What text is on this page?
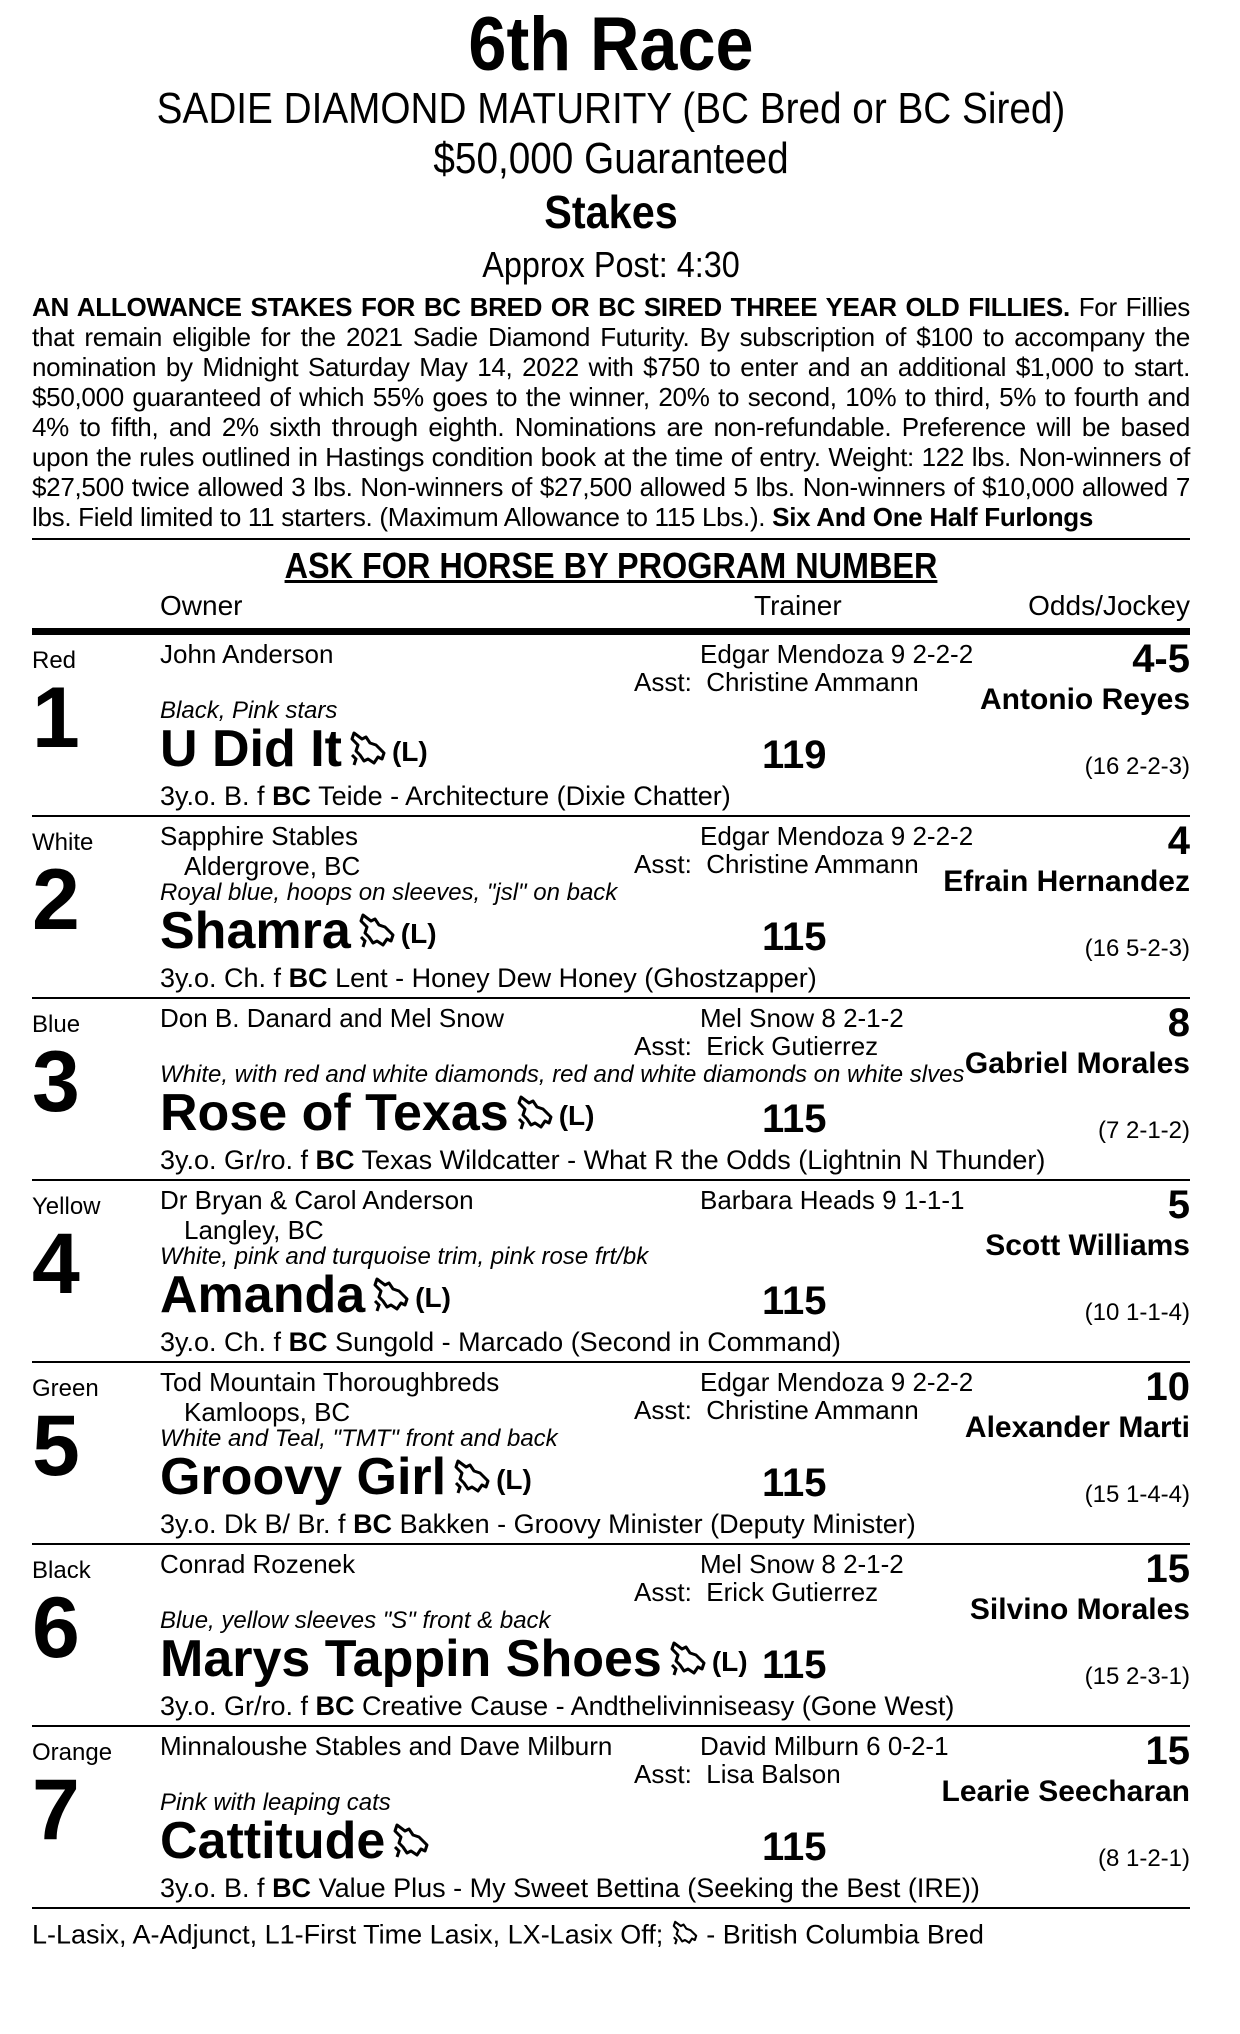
6th Race
SADIE DIAMOND MATURITY (BC Bred or BC Sired)
$50,000 Guaranteed
Stakes
Approx Post: 4:30
AN ALLOWANCE STAKES FOR BC BRED OR BC SIRED THREE YEAR OLD FILLIES. For Fillies that remain eligible for the 2021 Sadie Diamond Futurity. By subscription of $100 to accompany the nomination by Midnight Saturday May 14, 2022 with $750 to enter and an additional $1,000 to start. $50,000 guaranteed of which 55% goes to the winner, 20% to second, 10% to third, 5% to fourth and 4% to fifth, and 2% sixth through eighth. Nominations are non-refundable. Preference will be based upon the rules outlined in Hastings condition book at the time of entry. Weight: 122 lbs. Non-winners of $27,500 twice allowed 3 lbs. Non-winners of $27,500 allowed 5 lbs. Non-winners of $10,000 allowed 7 lbs. Field limited to 11 starters. (Maximum Allowance to 115 Lbs.). Six And One Half Furlongs
ASK FOR HORSE BY PROGRAM NUMBER
Owner	Trainer	Odds/Jockey
Red
1
John Anderson
Black, Pink stars
U Did It (L)
3y.o. B. f BC Teide - Architecture (Dixie Chatter)
Edgar Mendoza 9 2-2-2
Asst: Christine Ammann
119
4-5
Antonio Reyes
(16 2-2-3)
White
2
Sapphire Stables
Aldergrove, BC
Royal blue, hoops on sleeves, "jsl" on back
Shamra (L)
3y.o. Ch. f BC Lent - Honey Dew Honey (Ghostzapper)
Edgar Mendoza 9 2-2-2
Asst: Christine Ammann
115
4
Efrain Hernandez
(16 5-2-3)
Blue
3
Don B. Danard and Mel Snow
White, with red and white diamonds, red and white diamonds on white slves
Rose of Texas (L)
3y.o. Gr/ro. f BC Texas Wildcatter - What R the Odds (Lightnin N Thunder)
Mel Snow 8 2-1-2
Asst: Erick Gutierrez
115
8
Gabriel Morales
(7 2-1-2)
Yellow
4
Dr Bryan & Carol Anderson
Langley, BC
White, pink and turquoise trim, pink rose frt/bk
Amanda (L)
3y.o. Ch. f BC Sungold - Marcado (Second in Command)
Barbara Heads 9 1-1-1

115
5
Scott Williams
(10 1-1-4)
Green
5
Tod Mountain Thoroughbreds
Kamloops, BC
White and Teal, "TMT" front and back
Groovy Girl (L)
3y.o. Dk B/ Br. f BC Bakken - Groovy Minister (Deputy Minister)
Edgar Mendoza 9 2-2-2
Asst: Christine Ammann
115
10
Alexander Marti
(15 1-4-4)
Black
6
Conrad Rozenek
Blue, yellow sleeves "S" front & back
Marys Tappin Shoes (L)
3y.o. Gr/ro. f BC Creative Cause - Andthelivinniseasy (Gone West)
Mel Snow 8 2-1-2
Asst: Erick Gutierrez
115
15
Silvino Morales
(15 2-3-1)
Orange
7
Minnaloushe Stables and Dave Milburn
Pink with leaping cats
Cattitude
3y.o. B. f BC Value Plus - My Sweet Bettina (Seeking the Best (IRE))
David Milburn 6 0-2-1
Asst: Lisa Balson
115
15
Learie Seecharan
(8 1-2-1)
L-Lasix, A-Adjunct, L1-First Time Lasix, LX-Lasix Off;  - British Columbia Bred
